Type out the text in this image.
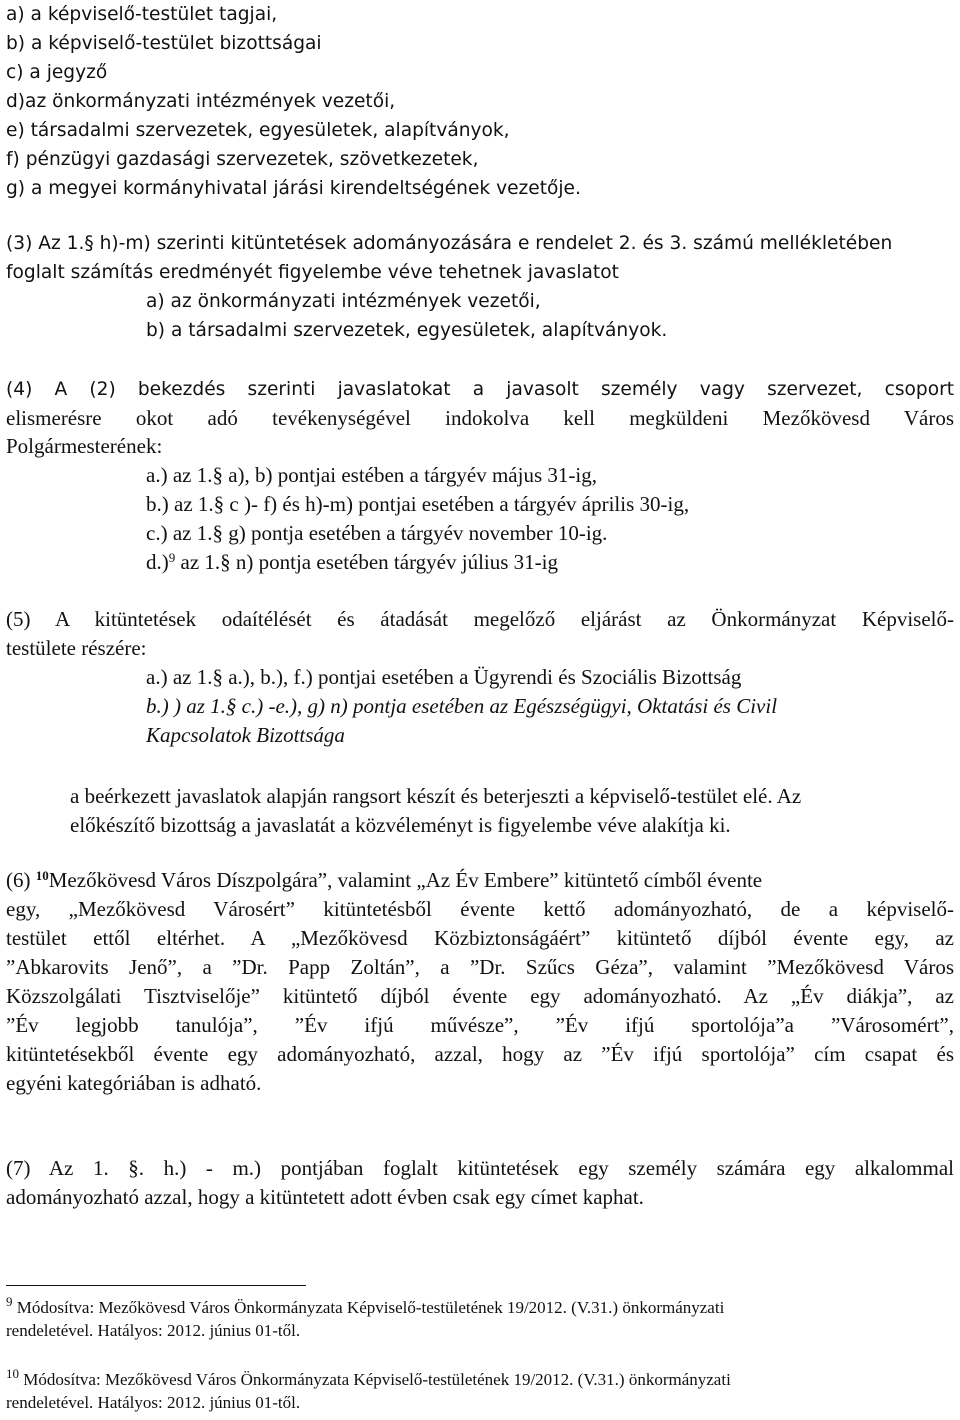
a) a képviselő-testület tagjai,
b) a képviselő-testület bizottságai
c) a jegyző
d)az önkormányzati intézmények vezetői,
e) társadalmi szervezetek, egyesületek, alapítványok,
f) pénzügyi gazdasági szervezetek, szövetkezetek,
g) a megyei kormányhivatal járási kirendeltségének vezetője.
(3) Az 1.§ h)-m) szerinti kitüntetések adományozására e rendelet 2. és 3. számú mellékletében
foglalt számítás eredményét figyelembe véve tehetnek javaslatot
a) az önkormányzati intézmények vezetői,
b) a társadalmi szervezetek, egyesületek, alapítványok.
(4) A (2) bekezdés szerinti javaslatokat a javasolt személy vagy szervezet, csoport
elismerésre okot adó tevékenységével indokolva kell megküldeni Mezőkövesd Város
Polgármesterének:
a.) az 1.§ a), b) pontjai estében a tárgyév május 31-ig,
b.) az 1.§ c )- f) és h)-m) pontjai esetében a tárgyév április 30-ig,
c.) az 1.§ g) pontja esetében a tárgyév november 10-ig.
d.)$^9$ az 1.§ n) pontja esetében tárgyév július 31-ig
(5) A kitüntetések odaítélését és átadását megelőző eljárást az Önkormányzat Képviselő-
testülete részére:
a.) az 1.§ a.), b.), f.) pontjai esetében a Ügyrendi és Szociális Bizottság
b.) ) az 1.§ c.) -e.), g) n) pontja esetében az Egészségügyi, Oktatási és Civil
Kapcsolatok Bizottsága
a beérkezett javaslatok alapján rangsort készít és beterjeszti a képviselő-testület elé. Az
előkészítő bizottság a javaslatát a közvéleményt is figyelembe véve alakítja ki.
(6) $^{10}$Mezőkövesd Város Díszpolgára”, valamint „Az Év Embere” kitüntető címből évente
egy, „Mezőkövesd Városért” kitüntetésből évente kettő adományozható, de a képviselő-
testület ettől eltérhet. A „Mezőkövesd Közbiztonságáért” kitüntető díjból évente egy, az
”Abkarovits Jenő”, a ”Dr. Papp Zoltán”, a ”Dr. Szűcs Géza”, valamint ”Mezőkövesd Város
Közszolgálati Tisztviselője” kitüntető díjból évente egy adományozható. Az „Év diákja”, az
”Év legjobb tanulója”, ”Év ifjú művésze”, ”Év ifjú sportolója”a ”Városomért”,
kitüntetésekből évente egy adományozható, azzal, hogy az ”Év ifjú sportolója” cím csapat és
egyéni kategóriában is adható.
(7) Az 1. §. h.) - m.) pontjában foglalt kitüntetések egy személy számára egy alkalommal
adományozható azzal, hogy a kitüntetett adott évben csak egy címet kaphat.
$^9$ Módosítva: Mezőkövesd Város Önkormányzata Képviselő-testületének 19/2012. (V.31.) önkormányzati
rendeletével. Hatályos: 2012. június 01-től.
$^{10}$ Módosítva: Mezőkövesd Város Önkormányzata Képviselő-testületének 19/2012. (V.31.) önkormányzati
rendeletével. Hatályos: 2012. június 01-től.
